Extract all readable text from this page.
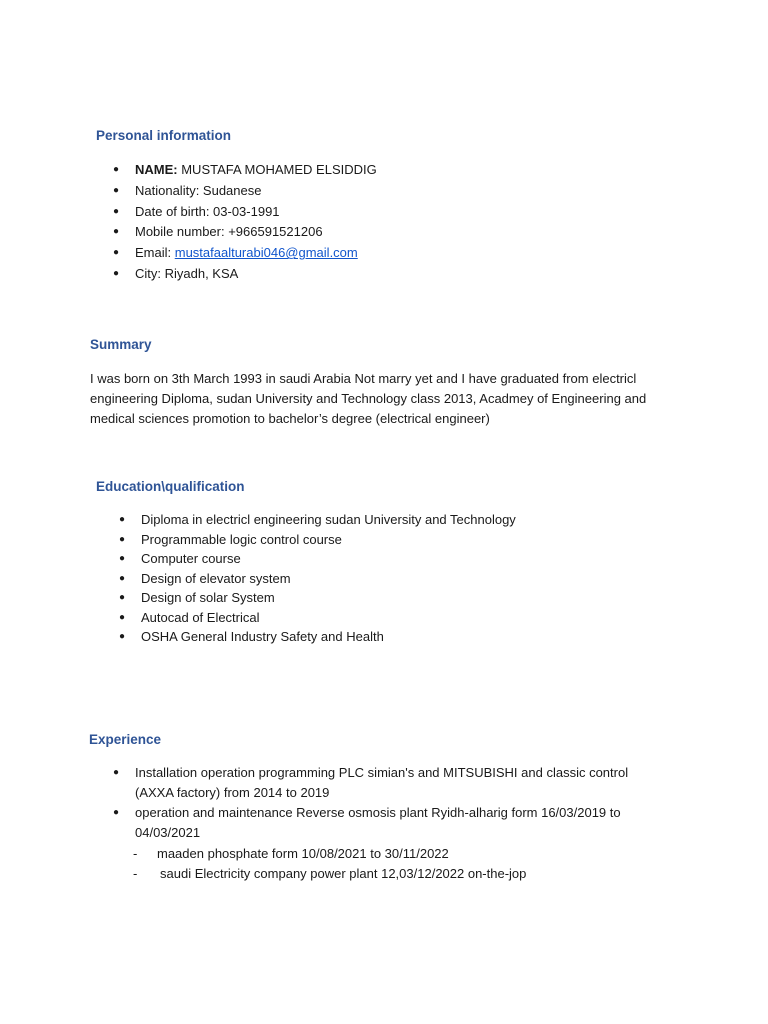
Personal information
● NAME: MUSTAFA MOHAMED ELSIDDIG
● Nationality: Sudanese
● Date of birth: 03-03-1991
● Mobile number: +966591521206
● Email: mustafaalturabi046@gmail.com
● City: Riyadh, KSA
Summary

I was born on 3th March 1993 in saudi Arabia Not marry yet and I have graduated from electricl engineering Diploma, sudan University and Technology class 2013, Acadmey of Engineering and medical sciences promotion to bachelor’s degree (electrical engineer)

Education\qualification
● Diploma in electricl engineering sudan University and Technology
● Programmable logic control course
● Computer course
● Design of elevator system
● Design of solar System
● Autocad of Electrical
● OSHA General Industry Safety and Health
Experience
● Installation operation programming PLC simian's and MITSUBISHI and classic control (AXXA factory) from 2014 to 2019
● operation and maintenance Reverse osmosis plant Ryidh-alharig form 16/03/2019 to 04/03/2021
- maaden phosphate form 10/08/2021 to 30/11/2022
- saudi Electricity company power plant 12,03/12/2022 on-the-jop
